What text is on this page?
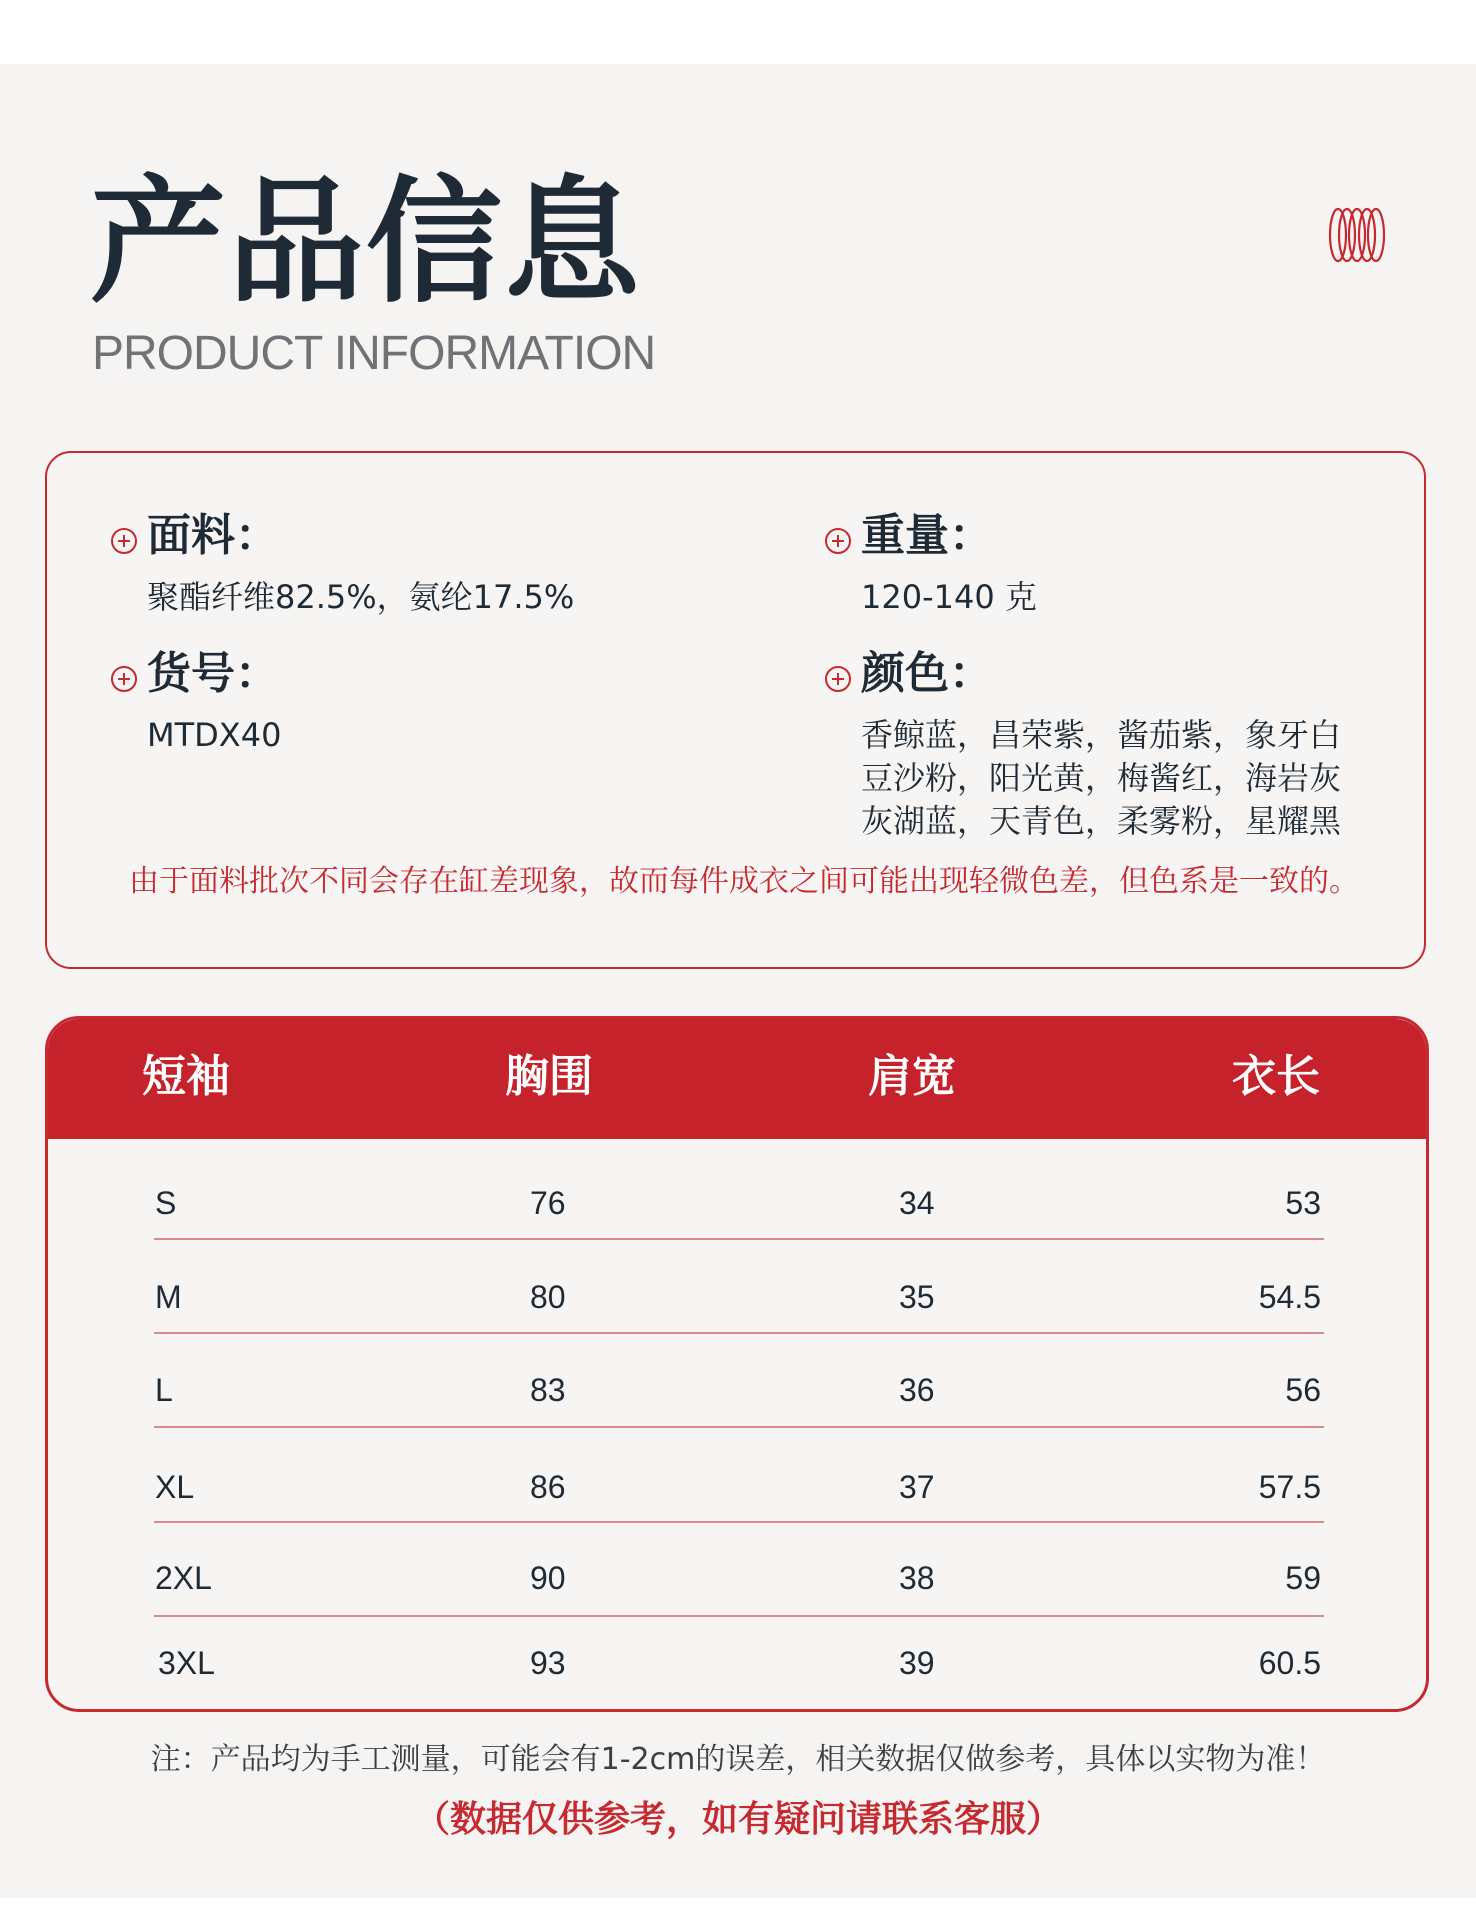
产品信息
PRODUCT INFORMATION
面料：
聚酯纤维82.5%，氨纶17.5%
重量：
120-140 克
货号：
MTDX40
颜色：
香鲸蓝，昌荣紫，酱茄紫，象牙白
豆沙粉，阳光黄，梅酱红，海岩灰
灰湖蓝，天青色，柔雾粉，星耀黑
由于面料批次不同会存在缸差现象，故而每件成衣之间可能出现轻微色差，但色系是一致的。
短袖	胸围	肩宽	衣长
S	76	34	53
M	80	35	54.5
L	83	36	56
XL	86	37	57.5
2XL	90	38	59
3XL	93	39	60.5
注：产品均为手工测量，可能会有1-2cm的误差，相关数据仅做参考，具体以实物为准！
（数据仅供参考，如有疑问请联系客服）
